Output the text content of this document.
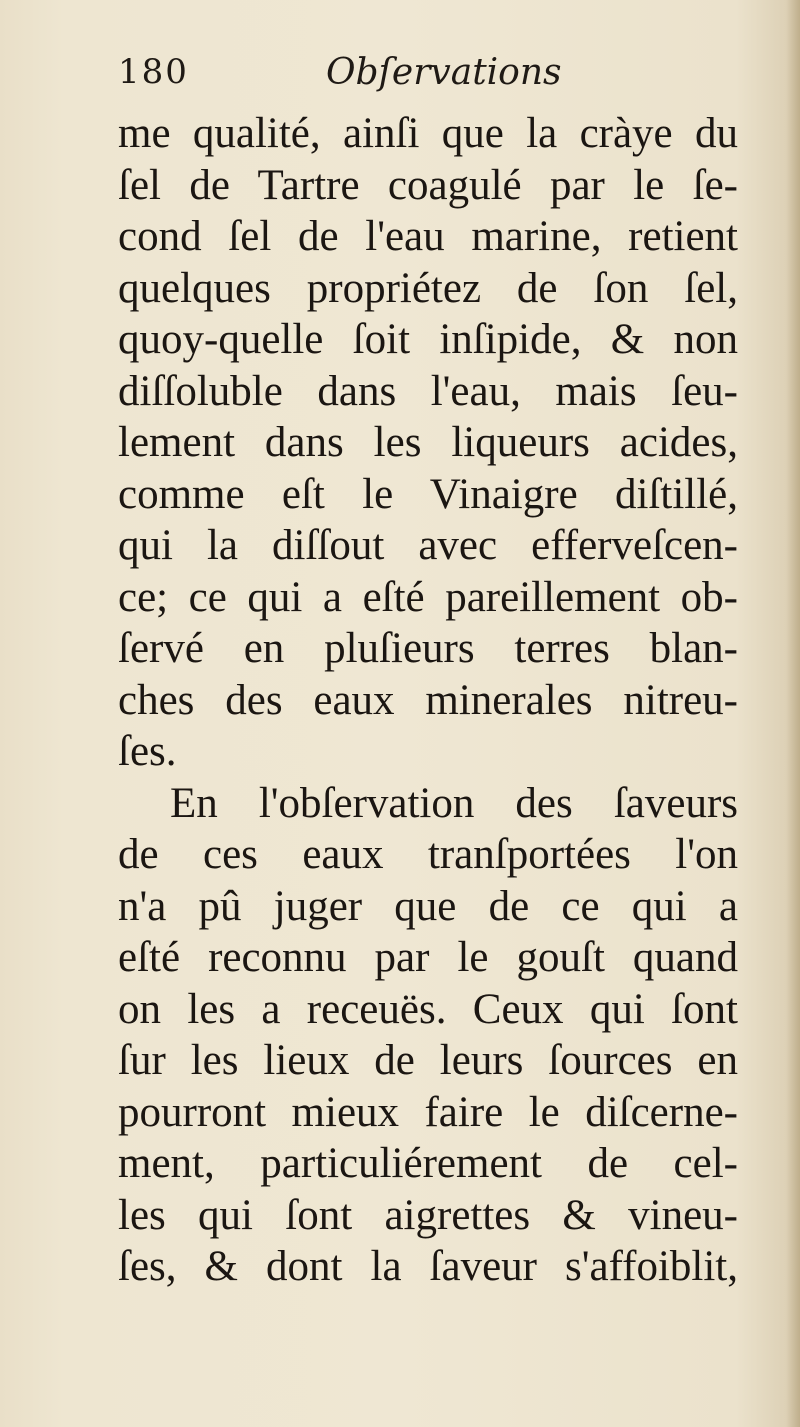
180	Obſervations
me qualité, ainſi que la cràye du
ſel de Tartre coagulé par le ſe-
cond ſel de l'eau marine, retient
quelques propriétez de ſon ſel,
quoy-quelle ſoit inſipide, & non
diſſoluble dans l'eau, mais ſeu-
lement dans les liqueurs acides,
comme eſt le Vinaigre diſtillé,
qui la diſſout avec efferveſcen-
ce; ce qui a eſté pareillement ob-
ſervé en pluſieurs terres blan-
ches des eaux minerales nitreu-
ſes.
En l'obſervation des ſaveurs
de ces eaux tranſportées l'on
n'a pû juger que de ce qui a
eſté reconnu par le gouſt quand
on les a receuës. Ceux qui ſont
ſur les lieux de leurs ſources en
pourront mieux faire le diſcerne-
ment, particuliérement de cel-
les qui ſont aigrettes & vineu-
ſes, & dont la ſaveur s'affoiblit,
